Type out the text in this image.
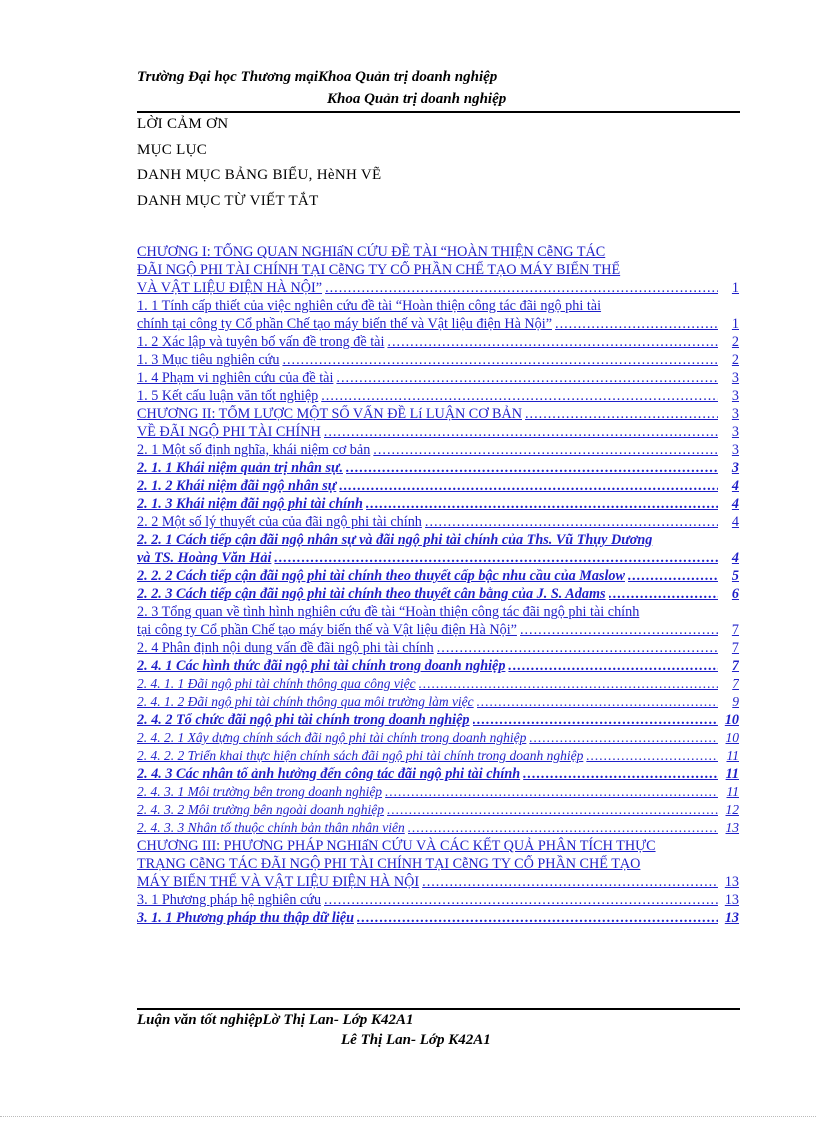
Trường Đại học Thương mạiKhoa Quản trị doanh nghiệp
Khoa Quản trị doanh nghiệp
LỜI CẢM ƠN
MỤC LỤC
DANH MỤC BẢNG BIỂU, HèNH VẼ
DANH MỤC TỪ VIẾT TẮT
CHƯƠNG I: TỔNG QUAN NGHIấN CỨU ĐỀ TÀI “HOÀN THIỆN CễNG TÁC
ĐÃI NGỘ PHI TÀI CHÍNH TẠI CễNG TY CỔ PHẦN CHẾ TẠO MÁY BIẾN THẾ
VÀ VẬT LIỆU ĐIỆN HÀ NỘI” .....	1
1. 1 Tính cấp thiết của việc nghiên cứu đề tài “Hoàn thiện công tác đãi ngộ phi tài
chính tại công ty Cổ phần Chế tạo máy biến thế và Vật liệu điện Hà Nội” .....	1
1. 2 Xác lập và tuyên bố vấn đề trong đề tài .....	2
1. 3 Mục tiêu nghiên cứu .....	2
1. 4 Phạm vi nghiên cứu của đề tài .....	3
1. 5 Kết cấu luận văn tốt nghiệp .....	3
CHƯƠNG II: TỔM LƯỢC MỘT SỐ VẤN ĐỀ Lí LUẬN CƠ BẢN .....	3
VỀ ĐÃI NGỘ PHI TÀI CHÍNH .....	3
2. 1 Một số định nghĩa, khái niệm cơ bản .....	3
2. 1. 1 Khái niệm quản trị nhân sự. .....	3
2. 1. 2 Khái niệm đãi ngộ nhân sự .....	4
2. 1. 3 Khái niệm đãi ngộ phi tài chính .....	4
2. 2 Một số lý thuyết của của đãi ngộ phi tài chính .....	4
2. 2. 1 Cách tiếp cận đãi ngộ nhân sự và đãi ngộ phi tài chính của Ths. Vũ Thụy Dương
và TS. Hoàng Văn Hải .....	4
2. 2. 2 Cách tiếp cận đãi ngộ phi tài chính theo thuyết cấp bậc nhu cầu của Maslow .....	5
2. 2. 3 Cách tiếp cận đãi ngộ phi tài chính theo thuyết cân bằng của J. S. Adams .....	6
2. 3 Tổng quan về tình hình nghiên cứu đề tài “Hoàn thiện công tác đãi ngộ phi tài chính
tại công ty Cổ phần Chế tạo máy biến thế và Vật liệu điện Hà Nội” .....	7
2. 4 Phân định nội dung vấn đề đãi ngộ phi tài chính .....	7
2. 4. 1 Các hình thức đãi ngộ phi tài chính trong doanh nghiệp .....	7
2. 4. 1. 1 Đãi ngộ phi tài chính thông qua công việc .....	7
2. 4. 1. 2 Đãi ngộ phi tài chính thông qua môi trường làm việc .....	9
2. 4. 2 Tổ chức đãi ngộ phi tài chính trong doanh nghiệp .....	10
2. 4. 2. 1 Xây dựng chính sách đãi ngộ phi tài chính trong doanh nghiệp .....	10
2. 4. 2. 2 Triển khai thực hiện chính sách đãi ngộ phi tài chính trong doanh nghiệp .....	11
2. 4. 3 Các nhân tố ảnh hưởng đến công tác đãi ngộ phi tài chính .....	11
2. 4. 3. 1 Môi trường bên trong doanh nghiệp .....	11
2. 4. 3. 2 Môi trường bên ngoài doanh nghiệp .....	12
2. 4. 3. 3 Nhân tố thuộc chính bản thân nhân viên .....	13
CHƯƠNG III: PHƯƠNG PHÁP NGHIấN CỨU VÀ CÁC KẾT QUẢ PHÂN TÍCH THỰC
TRẠNG CễNG TÁC ĐÃI NGỘ PHI TÀI CHÍNH TẠI CễNG TY CỔ PHẦN CHẾ TẠO
MÁY BIẾN THẾ VÀ VẬT LIỆU ĐIỆN HÀ NỘI .....	13
3. 1 Phương pháp hệ nghiên cứu .....	13
3. 1. 1 Phương pháp thu thập dữ liệu .....	13
Luận văn tốt nghiệpLờ Thị Lan- Lớp K42A1
Lê Thị Lan- Lớp K42A1
